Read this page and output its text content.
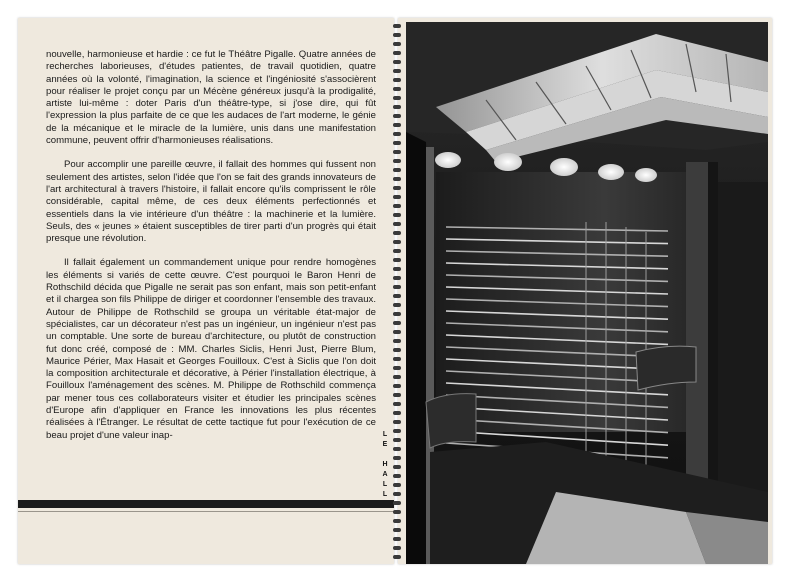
nouvelle, harmonieuse et hardie : ce fut le Théâtre Pigalle. Quatre années de recherches laborieuses, d'études patientes, de travail quotidien, quatre années où la volonté, l'imagination, la science et l'ingéniosité s'associèrent pour réaliser le projet conçu par un Mécène généreux jusqu'à la prodigalité, artiste lui-même : doter Paris d'un théâtre-type, si j'ose dire, qui fût l'expression la plus parfaite de ce que les audaces de l'art moderne, le génie de la mécanique et le miracle de la lumière, unis dans une manifestation commune, peuvent offrir d'harmonieuses réalisations.

Pour accomplir une pareille œuvre, il fallait des hommes qui fussent non seulement des artistes, selon l'idée que l'on se fait des grands innovateurs de l'art architectural à travers l'histoire, il fallait encore qu'ils comprissent le rôle considérable, capital même, de ces deux éléments perfectionnés et essentiels dans la vie intérieure d'un théâtre : la machinerie et la lumière. Seuls, des « jeunes » étaient susceptibles de tirer parti d'un progrès qui était presque une révolution.

Il fallait également un commandement unique pour rendre homogènes les éléments si variés de cette œuvre. C'est pourquoi le Baron Henri de Rothschild décida que Pigalle ne serait pas son enfant, mais son petit-enfant et il chargea son fils Philippe de diriger et coordonner l'ensemble des travaux. Autour de Philippe de Rothschild se groupa un véritable état-major de spécialistes, car un décorateur n'est pas un ingénieur, un ingénieur n'est pas un comptable. Une sorte de bureau d'architecture, ou plutôt de construction fut donc créé, composé de : MM. Charles Siclis, Henri Just, Pierre Blum, Maurice Périer, Max Hasait et Georges Fouilloux. C'est à Siclis que l'on doit la composition architecturale et décorative, à Périer l'installation électrique, à Fouilloux l'aménagement des scènes. M. Philippe de Rothschild commença par mener tous ces collaborateurs visiter et étudier les principales scènes d'Europe afin d'appliquer en France les innovations les plus récentes réalisées à l'Étranger. Le résultat de cette tactique fut pour l'exécution de ce beau projet d'une valeur inap-	L
E

H
A
L
L
